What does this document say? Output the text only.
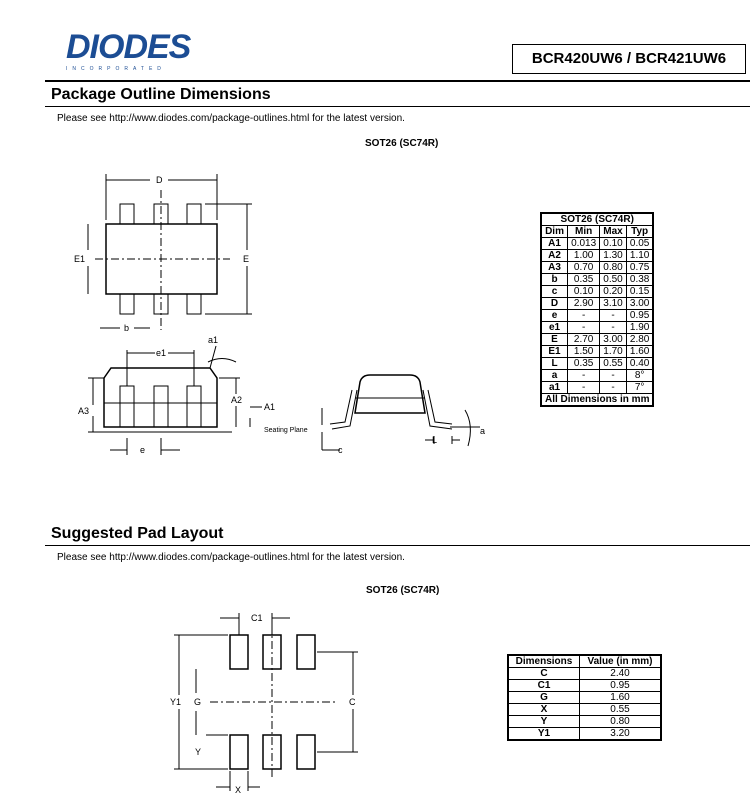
DIODES
INCORPORATED
BCR420UW6 / BCR421UW6
Package Outline Dimensions
Please see http://www.diodes.com/package-outlines.html for the latest version.
SOT26 (SC74R)
D
E1	E
b
e1
a1
A3
A2
A1
e
Seating Plane
c
L
a
SOT26 (SC74R)			
Dim	Min	Max	Typ
A1	0.013	0.10	0.05
A2	1.00	1.30	1.10
A3	0.70	0.80	0.75
b	0.35	0.50	0.38
c	0.10	0.20	0.15
D	2.90	3.10	3.00
e	-	-	0.95
e1	-	-	1.90
E	2.70	3.00	2.80
E1	1.50	1.70	1.60
L	0.35	0.55	0.40
a	-	-	8°
a1	-	-	7°
All Dimensions in mm			
Suggested Pad Layout
Please see http://www.diodes.com/package-outlines.html for the latest version.
SOT26 (SC74R)
C1
Y1 G	C
Y
X
Dimensions	Value (in mm)
C	2.40
C1	0.95
G	1.60
X	0.55
Y	0.80
Y1	3.20
